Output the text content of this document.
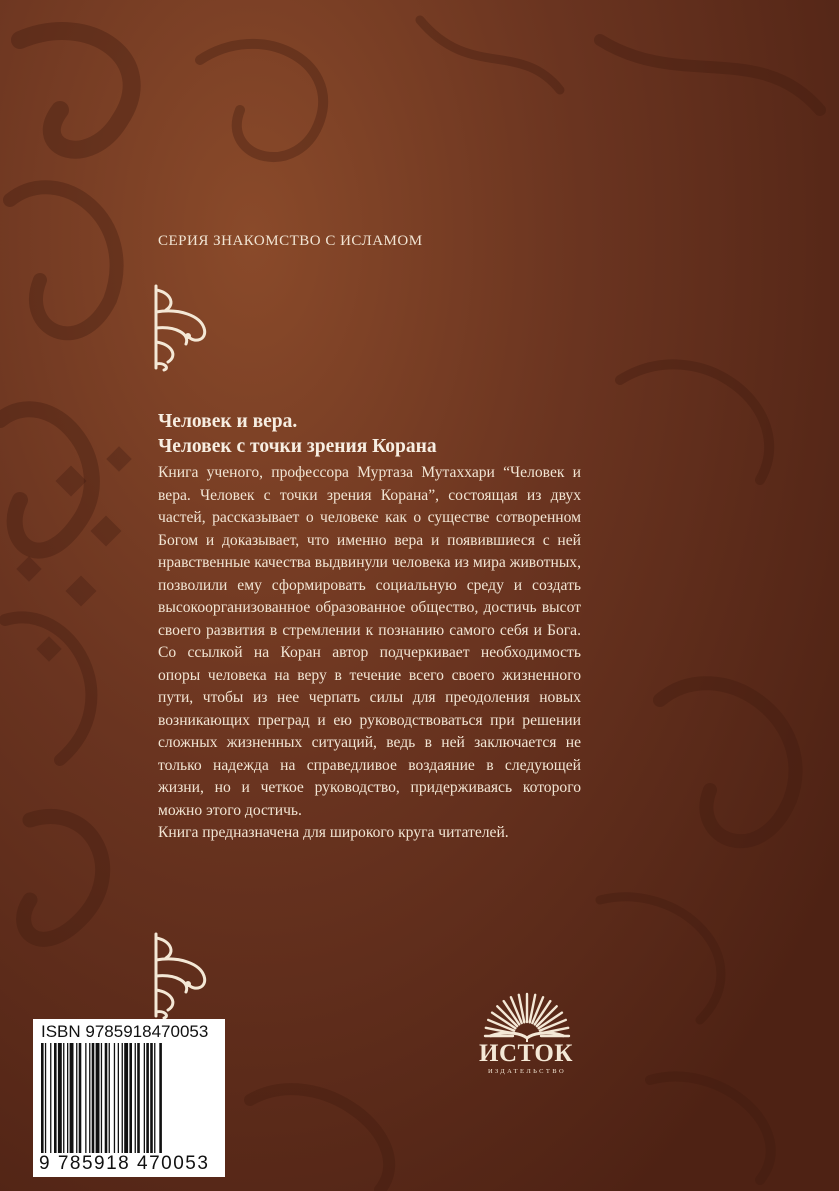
СЕРИЯ ЗНАКОМСТВО С ИСЛАМОМ
Человек и вера.
Человек с точки зрения Корана

Книга ученого, профессора Муртаза Мутаххари “Человек и вера. Человек с точки зрения Корана”, состоящая из двух частей, рассказывает о человеке как о существе сотворенном Богом и доказывает, что именно вера и появившиеся с ней нравственные качества выдвинули человека из мира животных, позволили ему сформировать социальную среду и создать высокоорганизованное образованное общество, достичь высот своего развития в стремлении к познанию самого себя и Бога. Со ссылкой на Коран автор подчеркивает необходимость опоры человека на веру в течение всего своего жизненного пути, чтобы из нее черпать силы для преодоления новых возникающих преград и ею руководствоваться при решении сложных жизненных ситуаций, ведь в ней заключается не только надежда на справедливое воздаяние в следующей жизни, но и четкое руководство, придерживаясь которого можно этого достичь.

Книга предназначена для широкого круга читателей.

ISBN 9785918470053
9 785918 470053
ИСТОК
ИЗДАТЕЛЬСТВО
